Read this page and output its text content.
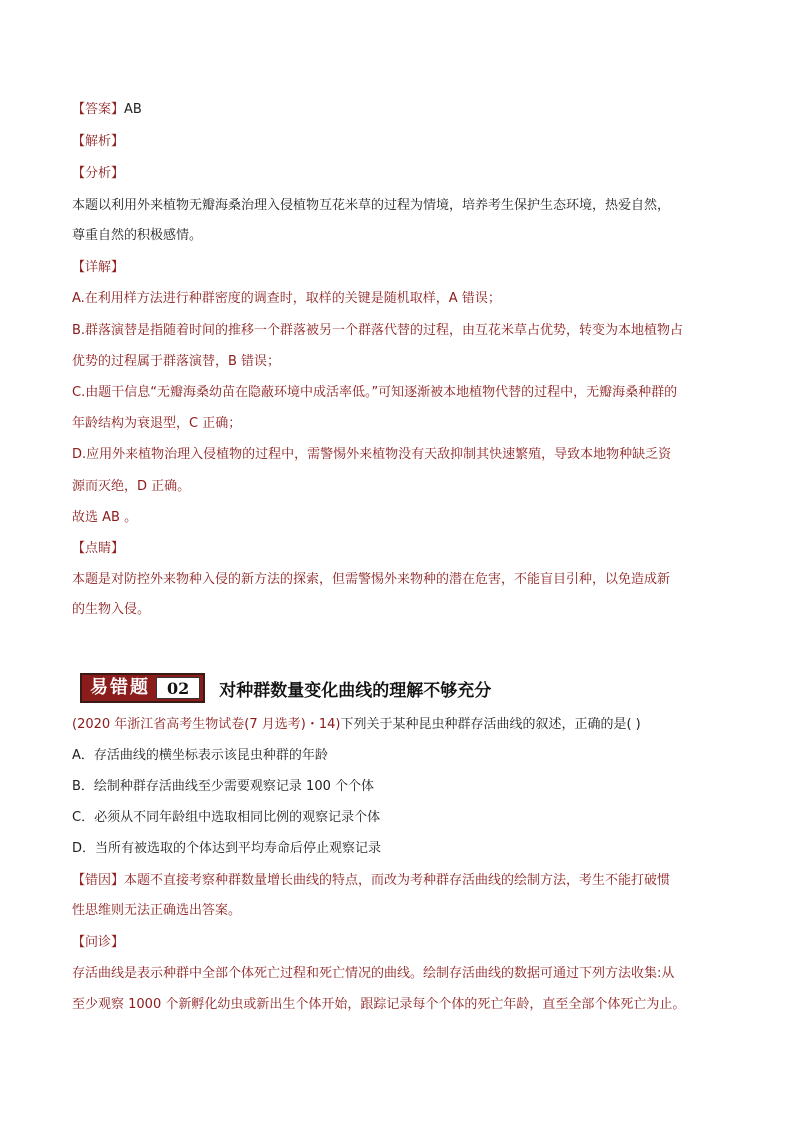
【答案】AB
【解析】
【分析】
本题以利用外来植物无瓣海桑治理入侵植物互花米草的过程为情境，培养考生保护生态环境，热爱自然，
尊重自然的积极感情。
【详解】
A.在利用样方法进行种群密度的调查时，取样的关键是随机取样，A 错误；
B.群落演替是指随着时间的推移一个群落被另一个群落代替的过程，由互花米草占优势，转变为本地植物占
优势的过程属于群落演替，B 错误；
C.由题干信息“无瓣海桑幼苗在隐蔽环境中成活率低。”可知逐渐被本地植物代替的过程中，无瓣海桑种群的
年龄结构为衰退型，C 正确；
D.应用外来植物治理入侵植物的过程中，需警惕外来植物没有天敌抑制其快速繁殖，导致本地物种缺乏资
源而灭绝，D 正确。
故选 AB 。
【点睛】
本题是对防控外来物种入侵的新方法的探索，但需警惕外来物种的潜在危害，不能盲目引种，以免造成新
的生物入侵。
易错题	02	对种群数量变化曲线的理解不够充分
(2020 年浙江省高考生物试卷(7 月选考)・14)下列关于某种昆虫种群存活曲线的叙述，正确的是( )
A．存活曲线的横坐标表示该昆虫种群的年龄
B．绘制种群存活曲线至少需要观察记录 100 个个体
C．必须从不同年龄组中选取相同比例的观察记录个体
D．当所有被选取的个体达到平均寿命后停止观察记录
【错因】本题不直接考察种群数量增长曲线的特点，而改为考种群存活曲线的绘制方法，考生不能打破惯
性思维则无法正确选出答案。
【问诊】
存活曲线是表示种群中全部个体死亡过程和死亡情况的曲线。绘制存活曲线的数据可通过下列方法收集:从
至少观察 1000 个新孵化幼虫或新出生个体开始，跟踪记录每个个体的死亡年龄，直至全部个体死亡为止。
